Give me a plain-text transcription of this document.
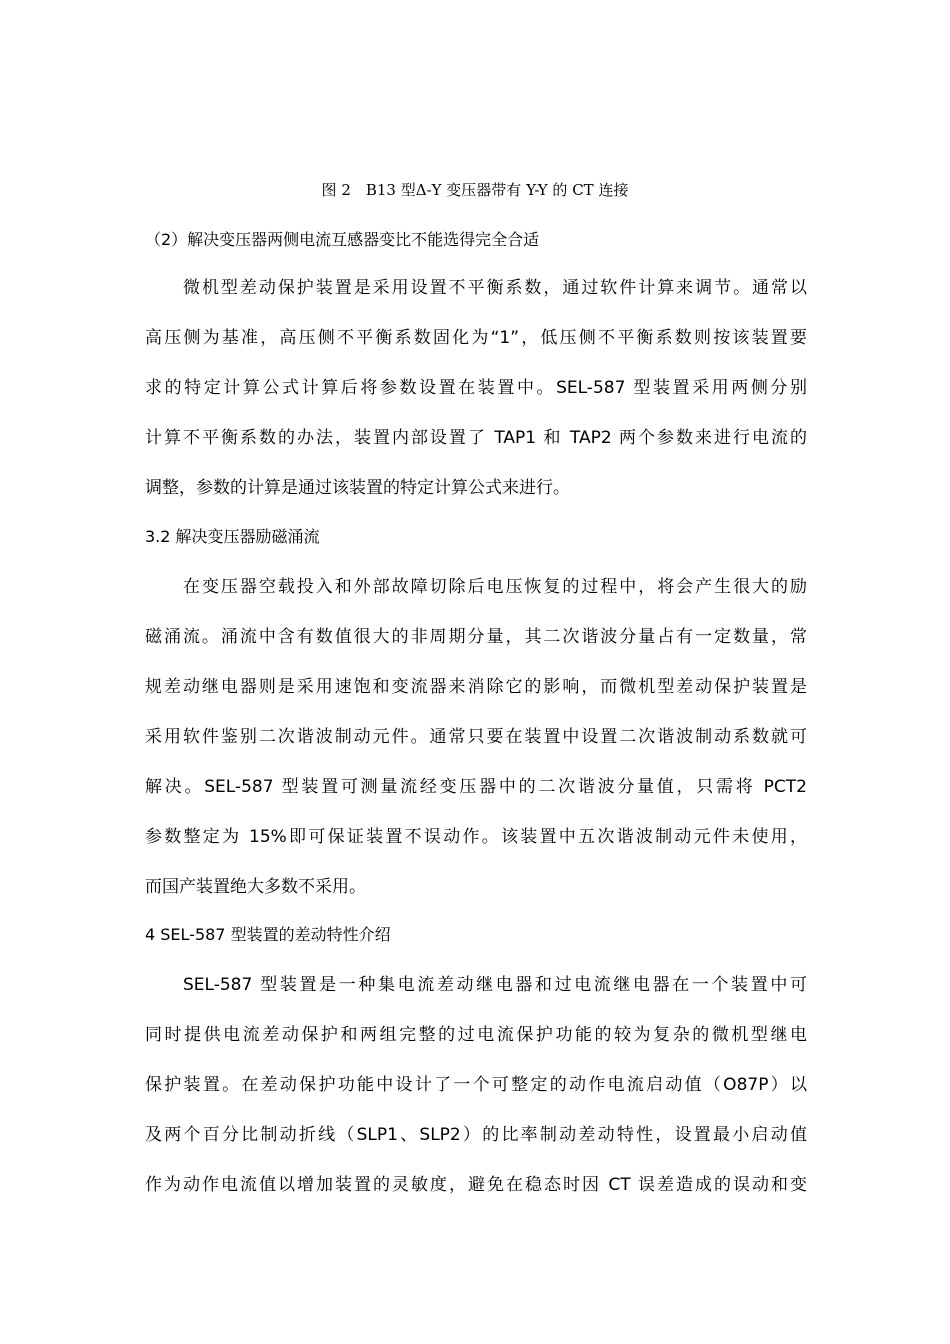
图 2　B13 型Δ-Y 变压器带有 Y-Y 的 CT 连接
（2）解决变压器两侧电流互感器变比不能选得完全合适
微机型差动保护装置是采用设置不平衡系数，通过软件计算来调节。通常以
高压侧为基准，高压侧不平衡系数固化为“1”，低压侧不平衡系数则按该装置要
求的特定计算公式计算后将参数设置在装置中。SEL-587 型装置采用两侧分别
计算不平衡系数的办法，装置内部设置了 TAP1 和 TAP2 两个参数来进行电流的
调整，参数的计算是通过该装置的特定计算公式来进行。
3.2 解决变压器励磁涌流
在变压器空载投入和外部故障切除后电压恢复的过程中，将会产生很大的励
磁涌流。涌流中含有数值很大的非周期分量，其二次谐波分量占有一定数量，常
规差动继电器则是采用速饱和变流器来消除它的影响，而微机型差动保护装置是
采用软件鉴别二次谐波制动元件。通常只要在装置中设置二次谐波制动系数就可
解决。SEL-587 型装置可测量流经变压器中的二次谐波分量值，只需将 PCT2
参数整定为 15%即可保证装置不误动作。该装置中五次谐波制动元件未使用，
而国产装置绝大多数不采用。
4 SEL-587 型装置的差动特性介绍
SEL-587 型装置是一种集电流差动继电器和过电流继电器在一个装置中可
同时提供电流差动保护和两组完整的过电流保护功能的较为复杂的微机型继电
保护装置。在差动保护功能中设计了一个可整定的动作电流启动值（O87P）以
及两个百分比制动折线（SLP1、SLP2）的比率制动差动特性，设置最小启动值
作为动作电流值以增加装置的灵敏度，避免在稳态时因 CT 误差造成的误动和变
